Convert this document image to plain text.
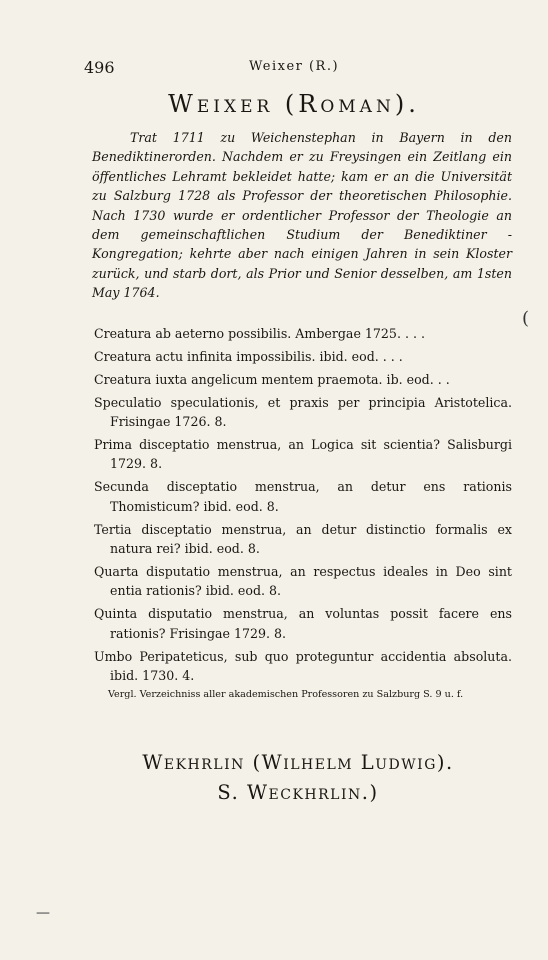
496	Weixer (R.)
Weixer (Roman).

Trat 1711 zu Weichenstephan in Bayern in den Benediktinerorden. Nachdem er zu Freysingen ein Zeitlang ein öffentliches Lehramt bekleidet hatte; kam er an die Universität zu Salzburg 1728 als Professor der theoretischen Philosophie. Nach 1730 wurde er ordentlicher Professor der Theologie an dem gemeinschaftlichen Studium der Benediktiner - Kongregation; kehrte aber nach einigen Jahren in sein Kloster zurück, und starb dort, als Prior und Senior desselben, am 1sten May 1764.

Creatura ab aeterno possibilis. Ambergae 1725. . . .
Creatura actu infinita impossibilis. ibid. eod. . . .
Creatura iuxta angelicum mentem praemota. ib. eod. . .
Speculatio speculationis, et praxis per principia Aristotelica. Frisingae 1726. 8.
Prima disceptatio menstrua, an Logica sit scientia? Salisburgi 1729. 8.
Secunda disceptatio menstrua, an detur ens rationis Thomisticum? ibid. eod. 8.
Tertia disceptatio menstrua, an detur distinctio formalis ex natura rei? ibid. eod. 8.
Quarta disputatio menstrua, an respectus ideales in Deo sint entia rationis? ibid. eod. 8.
Quinta disputatio menstrua, an voluntas possit facere ens rationis? Frisingae 1729. 8.
Umbo Peripateticus, sub quo proteguntur accidentia absoluta. ibid. 1730. 4.

Vergl. Verzeichniss aller akademischen Professoren zu Salzburg S. 9 u. f.

Wekhrlin (Wilhelm Ludwig).
S. Weckhrlin.)
(
—
